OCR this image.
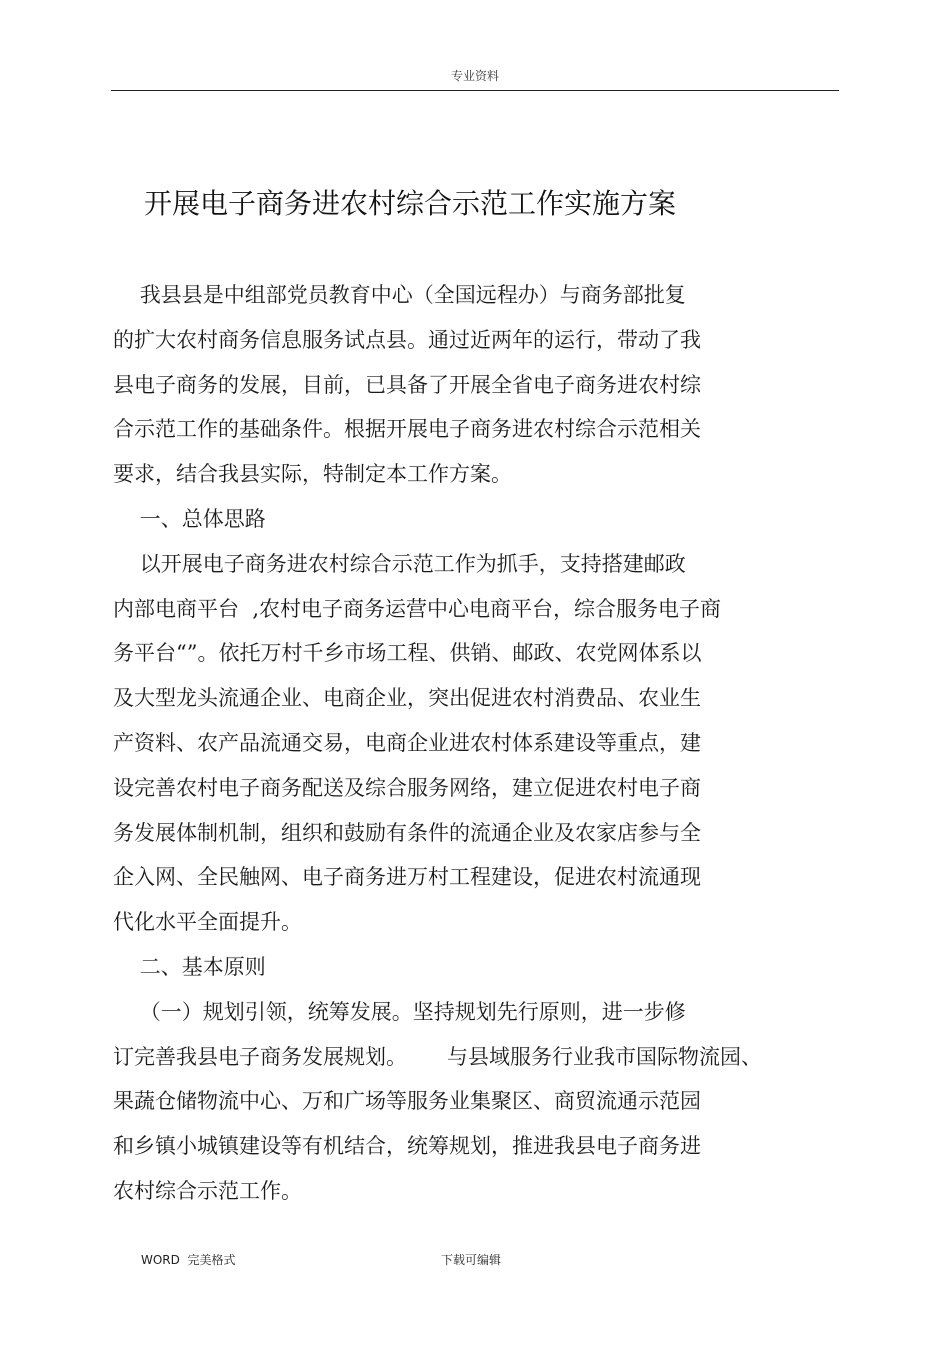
专业资料
开展电子商务进农村综合示范工作实施方案
我县县是中组部党员教育中心（全国远程办）与商务部批复
的扩大农村商务信息服务试点县。通过近两年的运行，带动了我
县电子商务的发展，目前，已具备了开展全省电子商务进农村综
合示范工作的基础条件。根据开展电子商务进农村综合示范相关
要求，结合我县实际，特制定本工作方案。
一、总体思路
以开展电子商务进农村综合示范工作为抓手，支持搭建邮政
内部电商平台  ,农村电子商务运营中心电商平台，综合服务电子商
务平台“”。依托万村千乡市场工程、供销、邮政、农党网体系以
及大型龙头流通企业、电商企业，突出促进农村消费品、农业生
产资料、农产品流通交易，电商企业进农村体系建设等重点，建
设完善农村电子商务配送及综合服务网络，建立促进农村电子商
务发展体制机制，组织和鼓励有条件的流通企业及农家店参与全
企入网、全民触网、电子商务进万村工程建设，促进农村流通现
代化水平全面提升。
二、基本原则
（一）规划引领，统筹发展。坚持规划先行原则，进一步修
订完善我县电子商务发展规划。      与县域服务行业我市国际物流园、
果蔬仓储物流中心、万和广场等服务业集聚区、商贸流通示范园
和乡镇小城镇建设等有机结合，统筹规划，推进我县电子商务进
农村综合示范工作。
WORD  完美格式	下载可编辑
